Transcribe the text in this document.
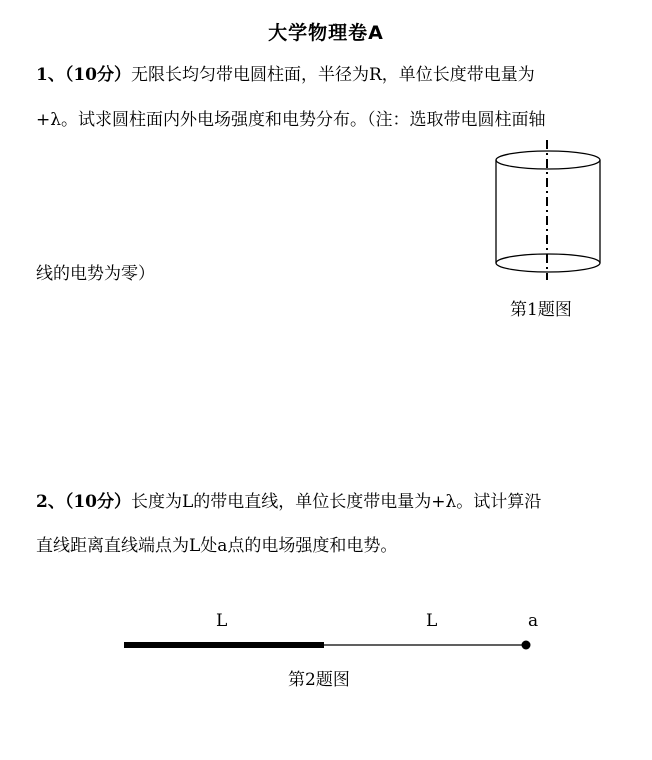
大学物理卷A
1、（10分）无限长均匀带电圆柱面，半径为R，单位长度带电量为
+λ。试求圆柱面内外电场强度和电势分布。（注：选取带电圆柱面轴
线的电势为零）
第1题图
2、（10分）长度为L的带电直线，单位长度带电量为+λ。试计算沿
直线距离直线端点为L处a点的电场强度和电势。
L	L	a
第2题图
